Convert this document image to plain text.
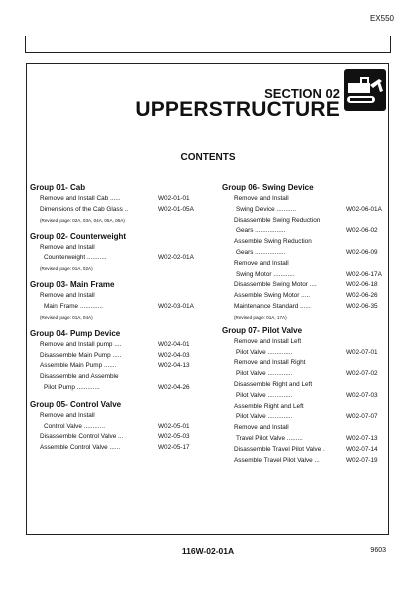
EX550
SECTION 02
UPPERSTRUCTURE
CONTENTS
Group 01- Cab
Remove and Install Cab ......	W02-01-01
Dimensions of the Cab Glass ..	W02-01-05A
(Revised page: 02A, 03A, 04A, 05A, 06A)
Group 02- Counterweight
Remove and Install
Counterweight ...........	W02-02-01A
(Revised page: 01A, 02A)
Group 03- Main Frame
Remove and Install
Main Frame .............	W02-03-01A
(Revised page: 01A, 04A)
Group 04- Pump Device
Remove and Install pump ....	W02-04-01
Disassemble Main Pump .....	W02-04-03
Assemble Main Pump .......	W02-04-13
Disassemble and Assemble
Pilot Pump .............	W02-04-26
Group 05- Control Valve
Remove and Install
Control Valve ............	W02-05-01
Disassemble Control Valve ...	W02-05-03
Assemble Control Valve ......	W02-05-17
Group 06- Swing Device
Remove and Install
Swing Device ...........	W02-06-01A
Disassemble Swing Reduction
Gears .................	W02-06-02
Assemble Swing Reduction
Gears .................	W02-06-09
Remove and Install
Swing Motor ............	W02-06-17A
Disassemble Swing Motor ....	W02-06-18
Assemble Swing Motor .....	W02-06-26
Maintenance Standard ......	W02-06-35
(Revised page: 01A, 17A)
Group 07- Pilot Valve
Remove and Install Left
Pilot Valve ..............	W02-07-01
Remove and Install Right
Pilot Valve ..............	W02-07-02
Disassemble Right and Left
Pilot Valve ..............	W02-07-03
Assemble Right and Left
Pilot Valve ..............	W02-07-07
Remove and Install
Travel Pilot Valve .........	W02-07-13
Disassemble Travel Pilot Valve .	W02-07-14
Assemble Travel Pilot Valve ...	W02-07-19
116W-02-01A	9603
